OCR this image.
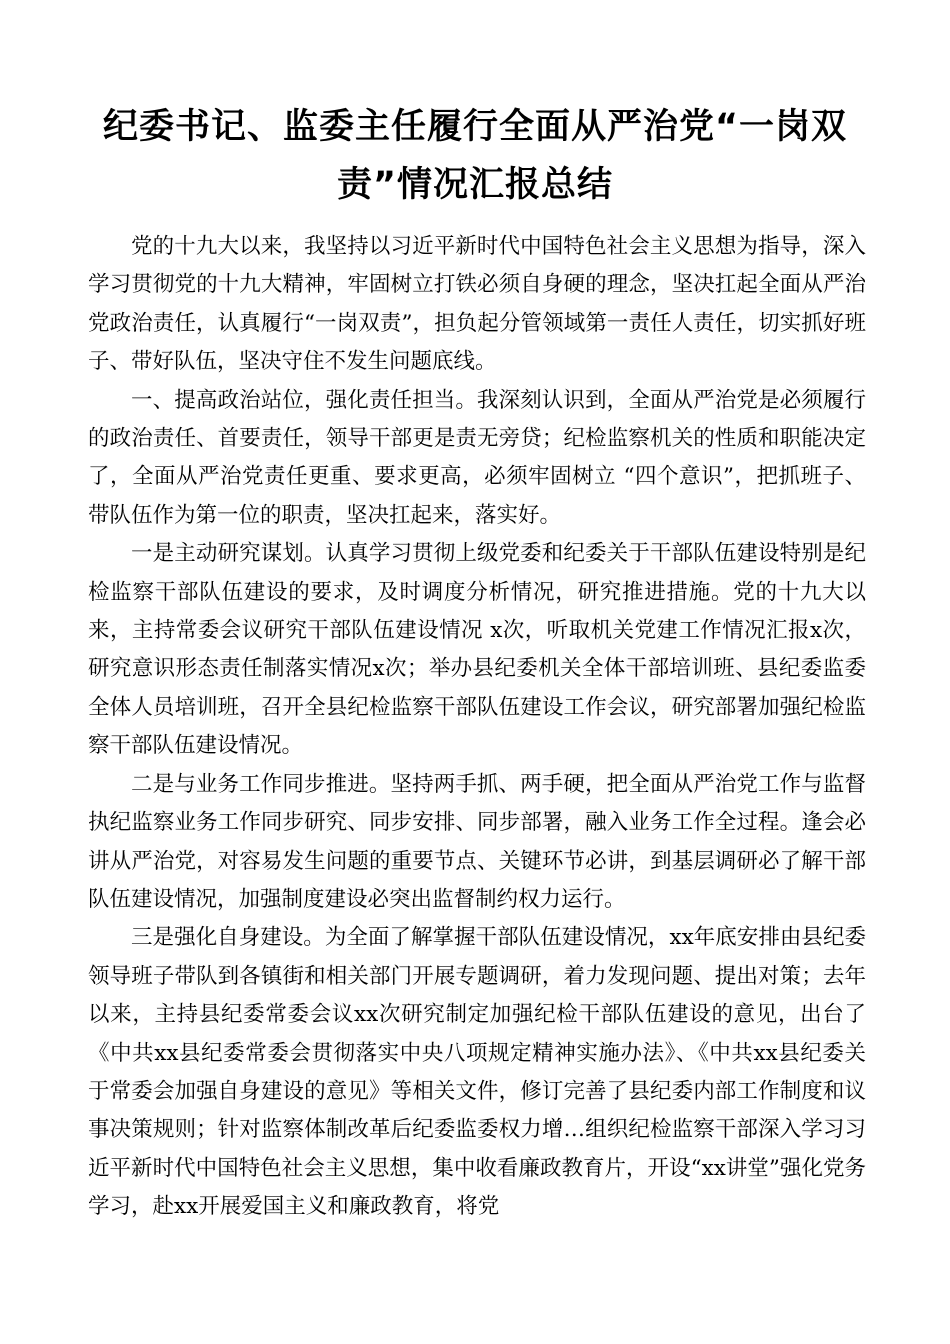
纪委书记、监委主任履行全面从严治党“一岗双
责”情况汇报总结

党的十九大以来，我坚持以习近平新时代中国特色社会主义思想为指导，深入学习贯彻党的十九大精神，牢固树立打铁必须自身硬的理念，坚决扛起全面从严治党政治责任，认真履行“一岗双责”，担负起分管领域第一责任人责任，切实抓好班子、带好队伍，坚决守住不发生问题底线。

一、提高政治站位，强化责任担当。我深刻认识到，全面从严治党是必须履行的政治责任、首要责任，领导干部更是责无旁贷；纪检监察机关的性质和职能决定了，全面从严治党责任更重、要求更高，必须牢固树立 “四个意识”，把抓班子、带队伍作为第一位的职责，坚决扛起来，落实好。

一是主动研究谋划。认真学习贯彻上级党委和纪委关于干部队伍建设特别是纪检监察干部队伍建设的要求，及时调度分析情况，研究推进措施。党的十九大以来，主持常委会议研究干部队伍建设情况 x次，听取机关党建工作情况汇报x次，研究意识形态责任制落实情况x次；举办县纪委机关全体干部培训班、县纪委监委全体人员培训班，召开全县纪检监察干部队伍建设工作会议，研究部署加强纪检监察干部队伍建设情况。

二是与业务工作同步推进。坚持两手抓、两手硬，把全面从严治党工作与监督执纪监察业务工作同步研究、同步安排、同步部署，融入业务工作全过程。逢会必讲从严治党，对容易发生问题的重要节点、关键环节必讲，到基层调研必了解干部队伍建设情况，加强制度建设必突出监督制约权力运行。

三是强化自身建设。为全面了解掌握干部队伍建设情况，xx年底安排由县纪委领导班子带队到各镇街和相关部门开展专题调研，着力发现问题、提出对策；去年以来，主持县纪委常委会议xx次研究制定加强纪检干部队伍建设的意见，出台了《中共xx县纪委常委会贯彻落实中央八项规定精神实施办法》、《中共xx县纪委关于常委会加强自身建设的意见》等相关文件，修订完善了县纪委内部工作制度和议事决策规则；针对监察体制改革后纪委监委权力增…组织纪检监察干部深入学习习近平新时代中国特色社会主义思想，集中收看廉政教育片，开设“xx讲堂”强化党务学习，赴xx开展爱国主义和廉政教育，将党
